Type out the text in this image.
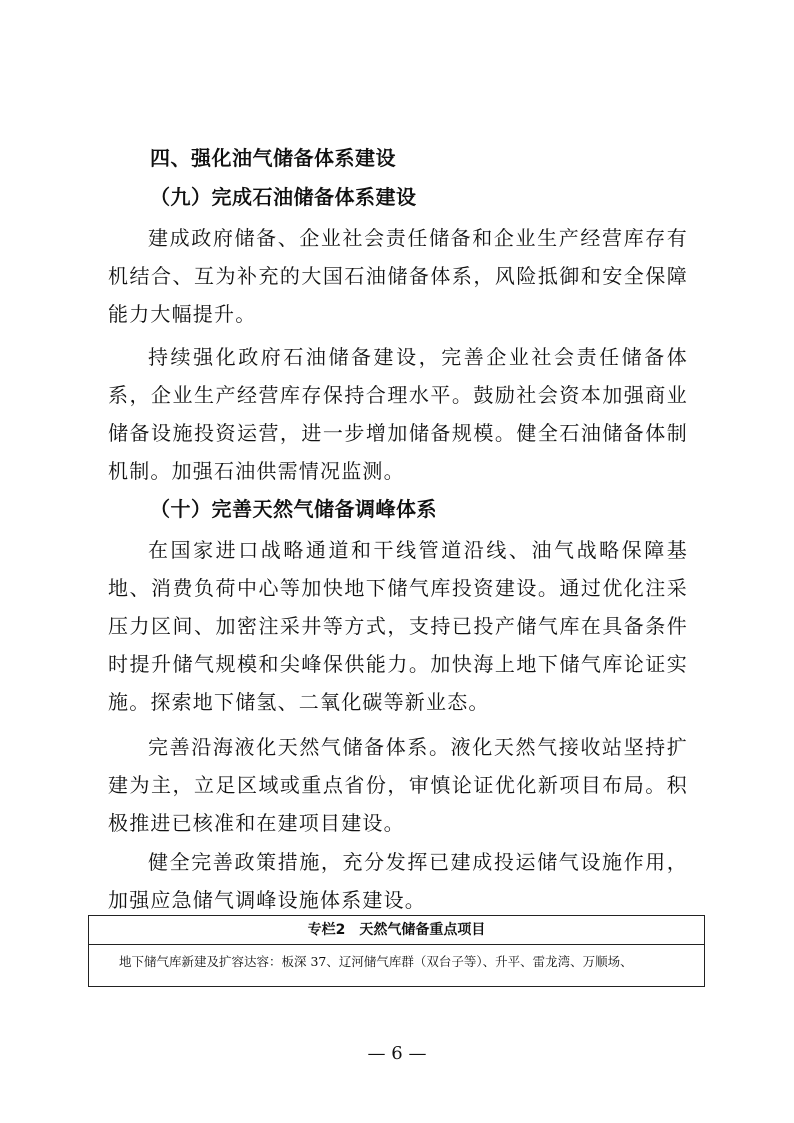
四、强化油气储备体系建设
（九）完成石油储备体系建设

建成政府储备、企业社会责任储备和企业生产经营库存有机结合、互为补充的大国石油储备体系，风险抵御和安全保障能力大幅提升。

持续强化政府石油储备建设，完善企业社会责任储备体系，企业生产经营库存保持合理水平。鼓励社会资本加强商业储备设施投资运营，进一步增加储备规模。健全石油储备体制机制。加强石油供需情况监测。

（十）完善天然气储备调峰体系

在国家进口战略通道和干线管道沿线、油气战略保障基地、消费负荷中心等加快地下储气库投资建设。通过优化注采压力区间、加密注采井等方式，支持已投产储气库在具备条件时提升储气规模和尖峰保供能力。加快海上地下储气库论证实施。探索地下储氢、二氧化碳等新业态。

完善沿海液化天然气储备体系。液化天然气接收站坚持扩建为主，立足区域或重点省份，审慎论证优化新项目布局。积极推进已核准和在建项目建设。

健全完善政策措施，充分发挥已建成投运储气设施作用，加强应急储气调峰设施体系建设。

专栏2　天然气储备重点项目
地下储气库新建及扩容达容：板深 37、辽河储气库群（双台子等）、升平、雷龙湾、万顺场、
— 6 —
